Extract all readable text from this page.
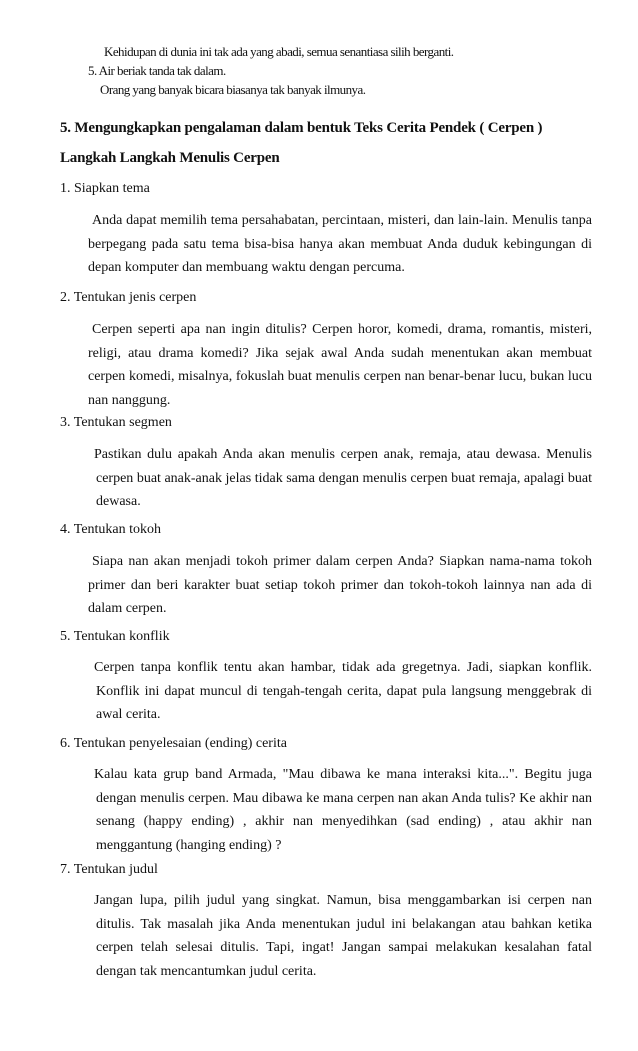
Kehidupan di dunia ini tak ada yang abadi, semua senantiasa silih berganti.
5. Air beriak tanda tak dalam.
Orang yang banyak bicara biasanya tak banyak ilmunya.
5. Mengungkapkan pengalaman dalam bentuk Teks Cerita Pendek ( Cerpen )
Langkah Langkah Menulis Cerpen
1. Siapkan tema
Anda dapat memilih tema persahabatan, percintaan, misteri, dan lain-lain. Menulis tanpa berpegang pada satu tema bisa-bisa hanya akan membuat Anda duduk kebingungan di depan komputer dan membuang waktu dengan percuma.
2. Tentukan jenis cerpen
Cerpen seperti apa nan ingin ditulis? Cerpen horor, komedi, drama, romantis, misteri, religi, atau drama komedi? Jika sejak awal Anda sudah menentukan akan membuat cerpen komedi, misalnya, fokuslah buat menulis cerpen nan benar-benar lucu, bukan lucu nan nanggung.
3. Tentukan segmen
Pastikan dulu apakah Anda akan menulis cerpen anak, remaja, atau dewasa. Menulis cerpen buat anak-anak jelas tidak sama dengan menulis cerpen buat remaja, apalagi buat dewasa.
4. Tentukan tokoh
Siapa nan akan menjadi tokoh primer dalam cerpen Anda? Siapkan nama-nama tokoh primer dan beri karakter buat setiap tokoh primer dan tokoh-tokoh lainnya nan ada di dalam cerpen.
5. Tentukan konflik
Cerpen tanpa konflik tentu akan hambar, tidak ada gregetnya. Jadi, siapkan konflik. Konflik ini dapat muncul di tengah-tengah cerita, dapat pula langsung menggebrak di awal cerita.
6. Tentukan penyelesaian (ending) cerita
Kalau kata grup band Armada, "Mau dibawa ke mana interaksi kita...". Begitu juga dengan menulis cerpen. Mau dibawa ke mana cerpen nan akan Anda tulis? Ke akhir nan senang (happy ending) , akhir nan menyedihkan (sad ending) , atau akhir nan menggantung (hanging ending) ?
7. Tentukan judul
Jangan lupa, pilih judul yang singkat. Namun, bisa menggambarkan isi cerpen nan ditulis. Tak masalah jika Anda menentukan judul ini belakangan atau bahkan ketika cerpen telah selesai ditulis. Tapi, ingat! Jangan sampai melakukan kesalahan fatal dengan tak mencantumkan judul cerita.
